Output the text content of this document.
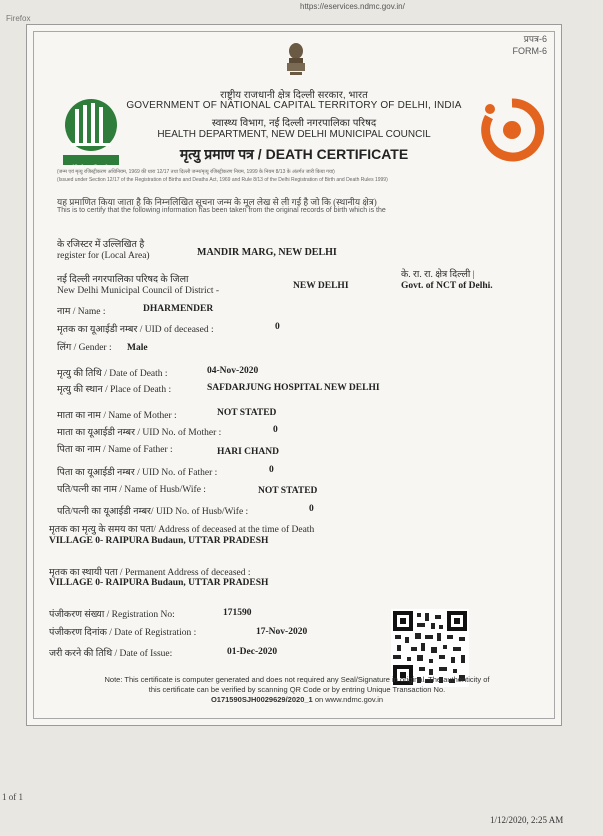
https://eservices.ndmc.gov.in/
Firefox
प्रपत्र-6
FORM-6
नई दिल्ली नगरपालिका परिषद
राष्ट्रीय राजधानी क्षेत्र दिल्ली सरकार, भारत
GOVERNMENT OF NATIONAL CAPITAL TERRITORY OF DELHI, INDIA
स्वास्थ्य विभाग, नई दिल्ली नगरपालिका परिषद
HEALTH DEPARTMENT, NEW DELHI MUNICIPAL COUNCIL
मृत्यु प्रमाण पत्र / DEATH CERTIFICATE
(जन्म एवं मृत्यु रजिस्ट्रीकरण अधिनियम, 1969 की धारा 12/17 तथा दिल्ली जन्म/मृत्यु रजिस्ट्रीकरण नियम, 1999 के नियम 8/13 के अंतर्गत जारी किया गया)
(Issued under Section 12/17 of the Registration of Births and Deaths Act, 1969 and Rule 8/13 of the Delhi Registration of Birth and Death Rules 1999)
यह प्रमाणित किया जाता है कि निम्नलिखित सूचना जन्म के मूल लेख से ली गई है जो कि (स्थानीय क्षेत्र)
This is to certify that the following information has been taken from the original records of birth which is the
के रजिस्टर में उल्लिखित है
register for (Local Area)	MANDIR MARG, NEW DELHI
नई दिल्ली नगरपालिका परिषद के जिला
New Delhi Municipal Council of District -	NEW DELHI
के. रा. रा. क्षेत्र दिल्ली |
Govt. of NCT of Delhi.
नाम / Name :	DHARMENDER
मृतक का यूआईडी नम्बर / UID of deceased :	0
लिंग / Gender : Male
मृत्यु की तिथि / Date of Death :	04-Nov-2020
मृत्यु की स्थान / Place of Death :	SAFDARJUNG HOSPITAL NEW DELHI
माता का नाम / Name of Mother :	NOT STATED
माता का यूआईडी नम्बर / UID No. of Mother :	0
पिता का नाम / Name of Father :	HARI CHAND
पिता का यूआईडी नम्बर / UID No. of Father :	0
पति/पत्नी का नाम / Name of Husb/Wife :	NOT STATED
पति/पत्नी का यूआईडी नम्बर/ UID No. of Husb/Wife :	0
मृतक का मृत्यु के समय का पता/ Address of deceased at the time of Death
VILLAGE 0- RAIPURA Budaun, UTTAR PRADESH
मृतक का स्थायी पता / Permanent Address of deceased :
VILLAGE 0- RAIPURA Budaun, UTTAR PRADESH
पंजीकरण संख्या / Registration No:	171590
पंजीकरण दिनांक / Date of Registration :	17-Nov-2020
जरी करने की तिथि / Date of Issue:	01-Dec-2020
Note: This certificate is computer generated and does not required any Seal/Signature in original. The authenticity of
this certificate can be verified by scanning QR Code or by entring Unique Transaction No.
O171590SJH0029629/2020_1 on www.ndmc.gov.in
1 of 1
1/12/2020, 2:25 AM
